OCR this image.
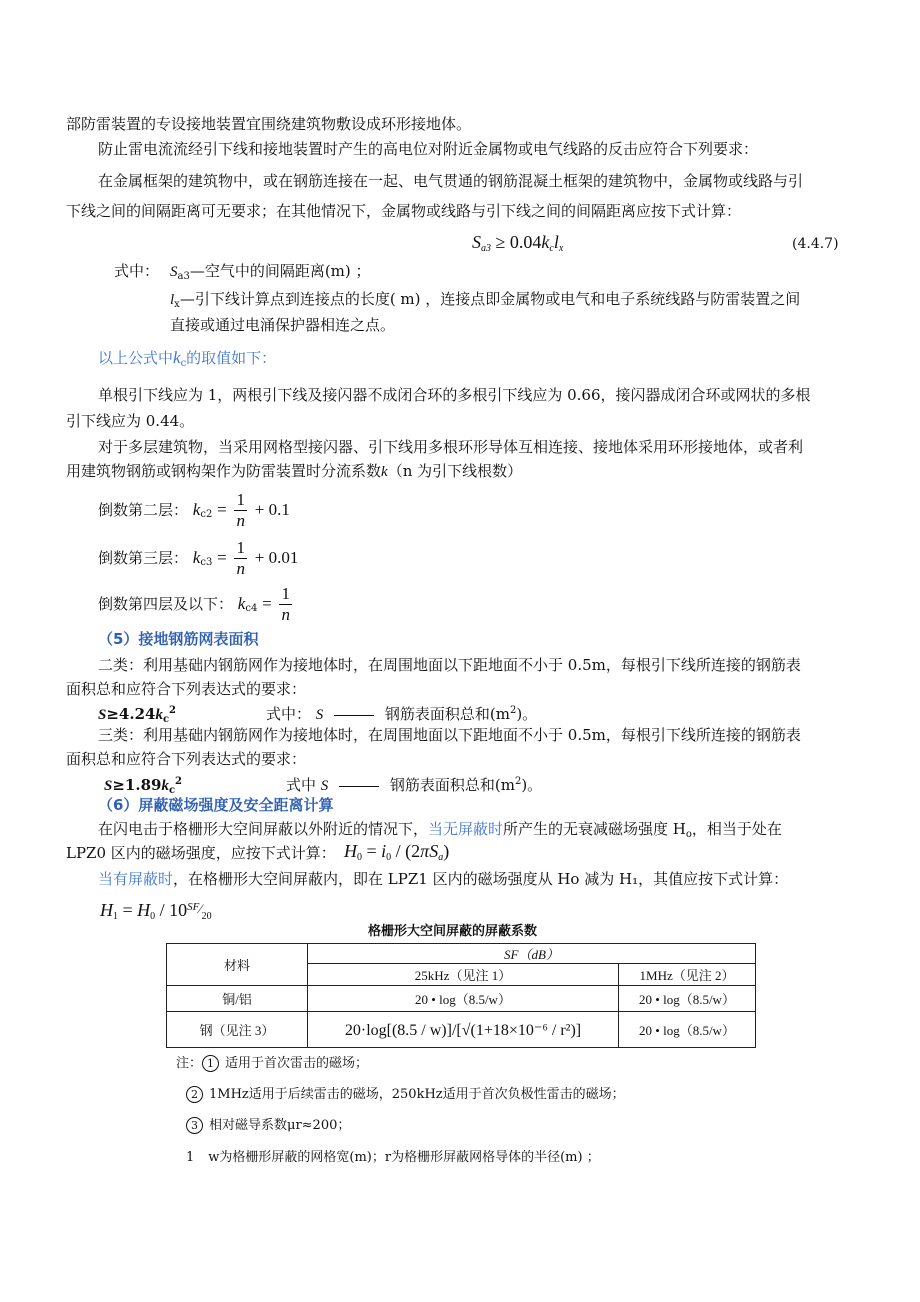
部防雷装置的专设接地装置宜围绕建筑物敷设成环形接地体。
防止雷电流流经引下线和接地装置时产生的高电位对附近金属物或电气线路的反击应符合下列要求：
在金属框架的建筑物中，或在钢筋连接在一起、电气贯通的钢筋混凝土框架的建筑物中，金属物或线路与引
下线之间的间隔距离可无要求；在其他情况下，金属物或线路与引下线之间的间隔距离应按下式计算：
$S_{a3} \ge 0.04k_cl_x$	(4.4.7)
式中： $S_{a3}—$空气中的间隔距离(m) ；
$l_x—$引下线计算点到连接点的长度( m) ，连接点即金属物或电气和电子系统线路与防雷装置之间
直接或通过电涌保护器相连之点。
以上公式中$k_c$的取值如下：
单根引下线应为 1，两根引下线及接闪器不成闭合环的多根引下线应为 0.66，接闪器成闭合环或网状的多根
引下线应为 0.44。
对于多层建筑物，当采用网格型接闪器、引下线用多根环形导体互相连接、接地体采用环形接地体，或者利
用建筑物钢筋或钢构架作为防雷装置时分流系数k（n 为引下线根数）
倒数第二层： $k_{c2} = \frac{1}{n} + 0.1$
倒数第三层： $k_{c3} = \frac{1}{n} + 0.01$
倒数第四层及以下： $k_{c4} = \frac{1}{n}$
（5）接地钢筋网表面积
二类：利用基础内钢筋网作为接地体时，在周围地面以下距地面不小于 0.5m，每根引下线所连接的钢筋表
面积总和应符合下列表达式的要求：
$S\ge 4.24k_c^2$	式中： S	钢筋表面积总和$(m^2)$。
三类：利用基础内钢筋网作为接地体时，在周围地面以下距地面不小于 0.5m，每根引下线所连接的钢筋表
面积总和应符合下列表达式的要求：
$S\ge 1.89k_c^2$	式中 S	钢筋表面积总和$(m^2)$。
（6）屏蔽磁场强度及安全距离计算
在闪电击于格栅形大空间屏蔽以外附近的情况下，当无屏蔽时所产生的无衰减磁场强度 $H_o$，相当于处在
LPZ0 区内的磁场强度，应按下式计算： $H_0 = i_0 / (2\pi S_a)$
当有屏蔽时，在格栅形大空间屏蔽内，即在 LPZ1 区内的磁场强度从 Ho 减为 H₁，其值应按下式计算：
$H_1 = H_0$ / $10^{SF}⁄_{20}$
格栅形大空间屏蔽的屏蔽系数
材料	SF（dB）	
	25kHz（见注 1）	1MHz（见注 2）
铜/铝	20 • log（8.5/w）	20 • log（8.5/w）
钢（见注 3）	20·log[(8.5 / w)]/[√(1+18×10⁻⁶ / r²)]	20 • log（8.5/w）
注： 1 适用于首次雷击的磁场；
2 1MHz适用于后续雷击的磁场，250kHz适用于首次负极性雷击的磁场；
3 相对磁导系数μr≈200；
1 w为格栅形屏蔽的网格宽(m)；r为格栅形屏蔽网格导体的半径(m) ；
